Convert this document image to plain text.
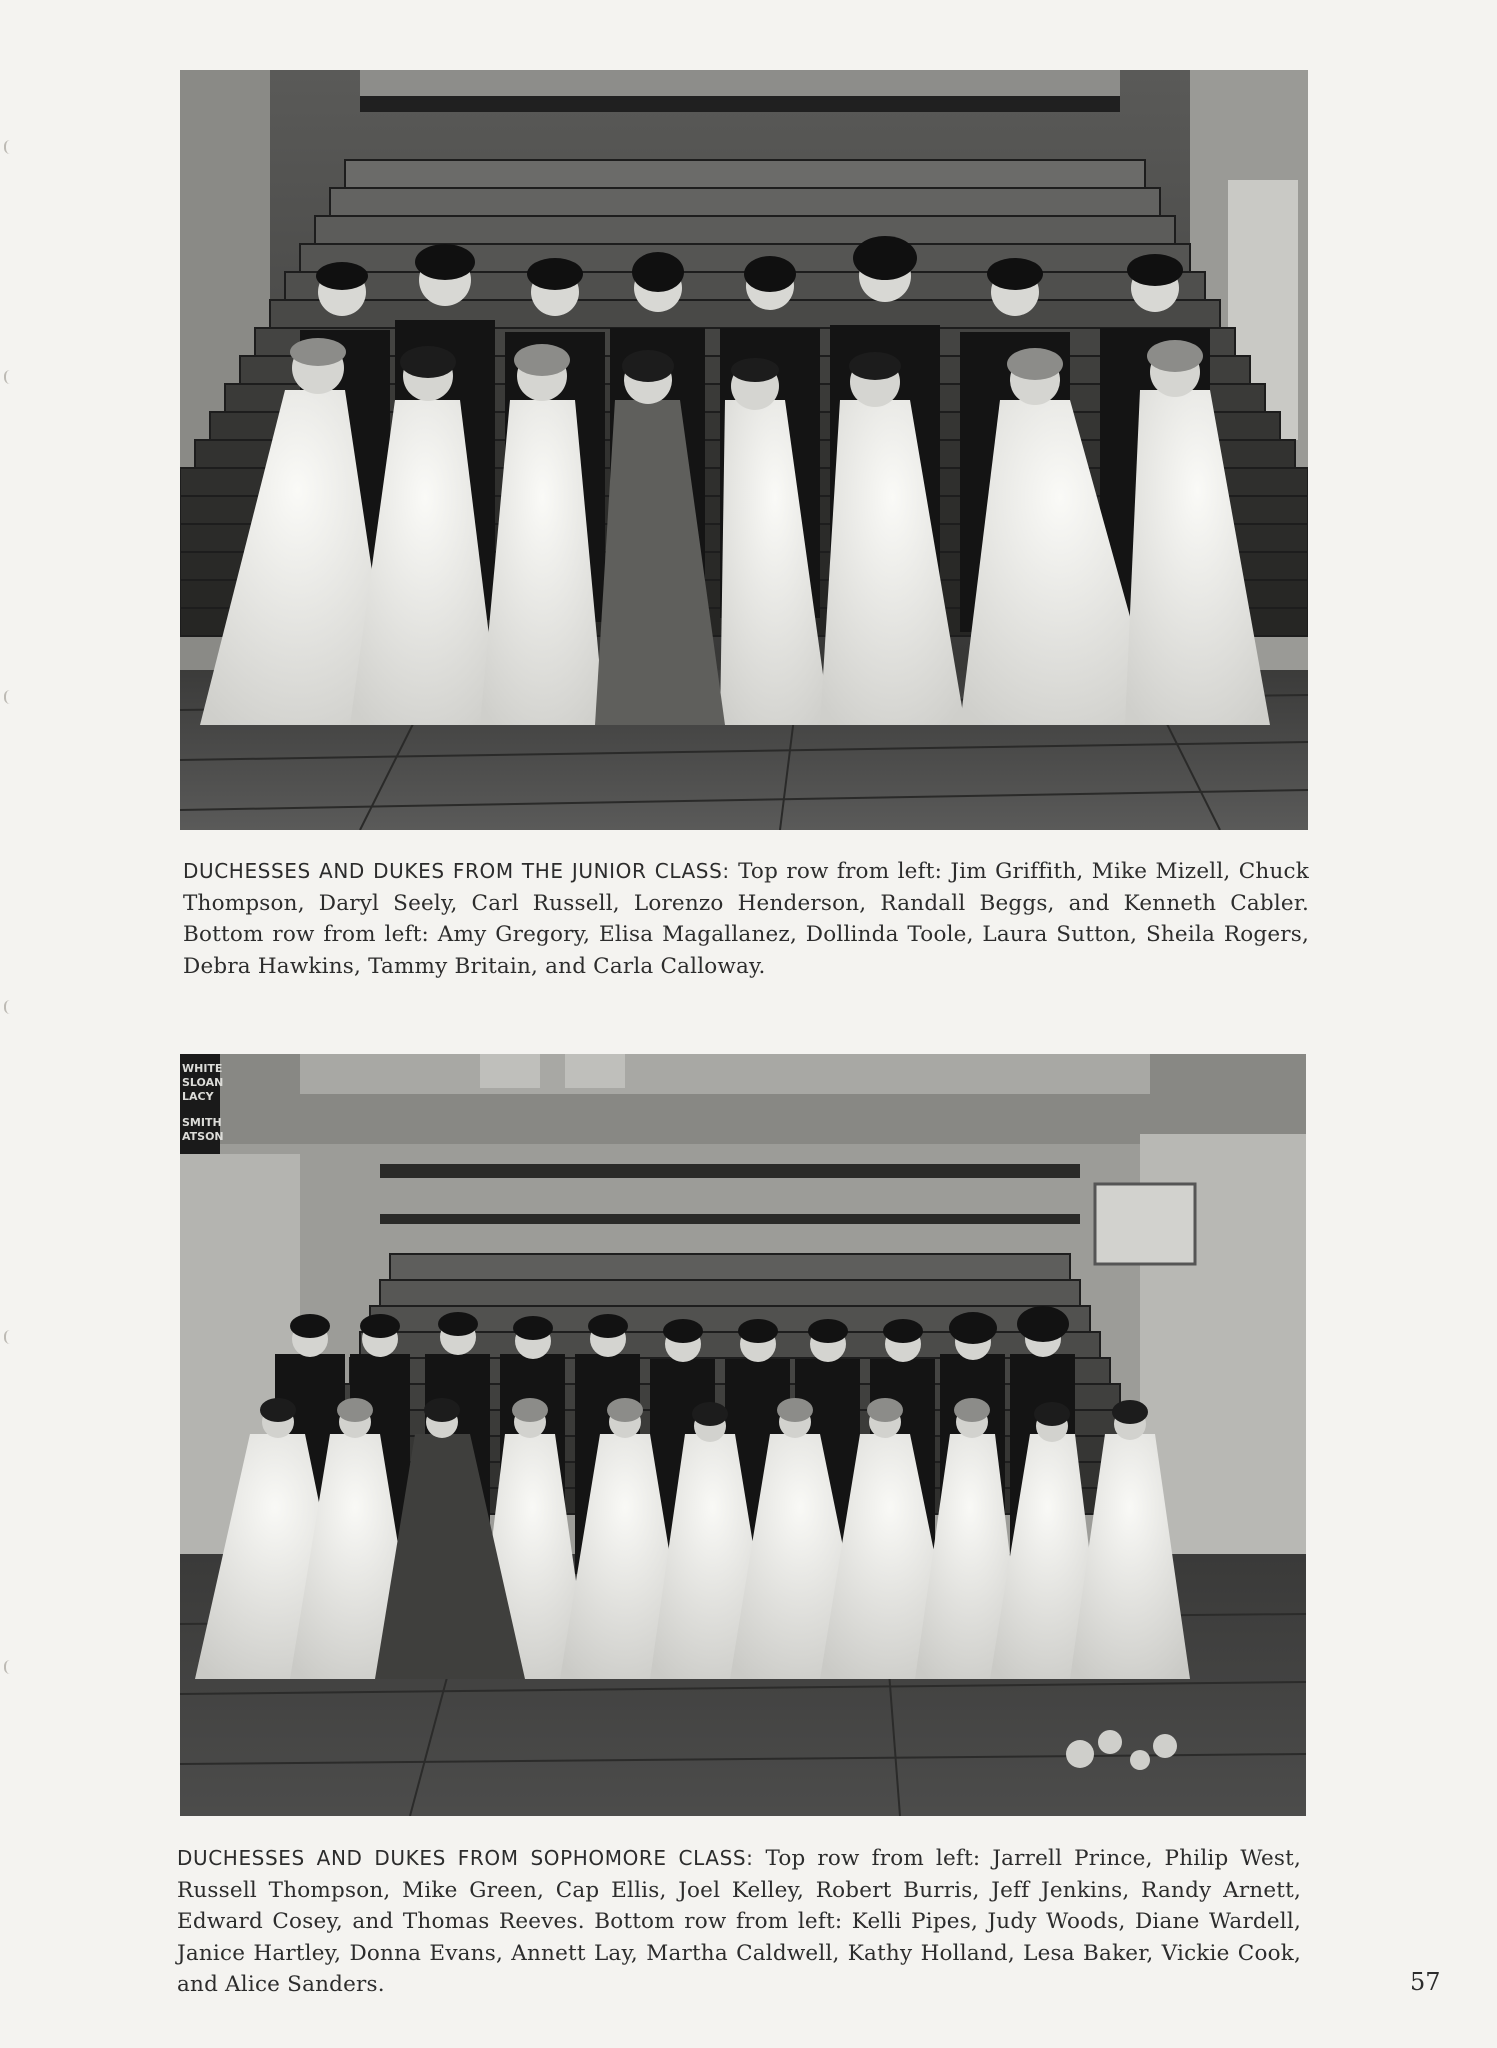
DUCHESSES AND DUKES FROM THE JUNIOR CLASS: Top row from left: Jim Griffith, Mike Mizell, Chuck Thompson, Daryl Seely, Carl Russell, Lorenzo Henderson, Randall Beggs, and Kenneth Cabler. Bottom row from left: Amy Gregory, Elisa Magallanez, Dollinda Toole, Laura Sutton, Sheila Rogers, Debra Hawkins, Tammy Britain, and Carla Calloway.

WHITE
SLOAN
LACY
SMITH
ATSON

DUCHESSES AND DUKES FROM SOPHOMORE CLASS: Top row from left: Jarrell Prince, Philip West, Russell Thompson, Mike Green, Cap Ellis, Joel Kelley, Robert Burris, Jeff Jenkins, Randy Arnett, Edward Cosey, and Thomas Reeves. Bottom row from left: Kelli Pipes, Judy Woods, Diane Wardell, Janice Hartley, Donna Evans, Annett Lay, Martha Caldwell, Kathy Holland, Lesa Baker, Vickie Cook, and Alice Sanders.	57
